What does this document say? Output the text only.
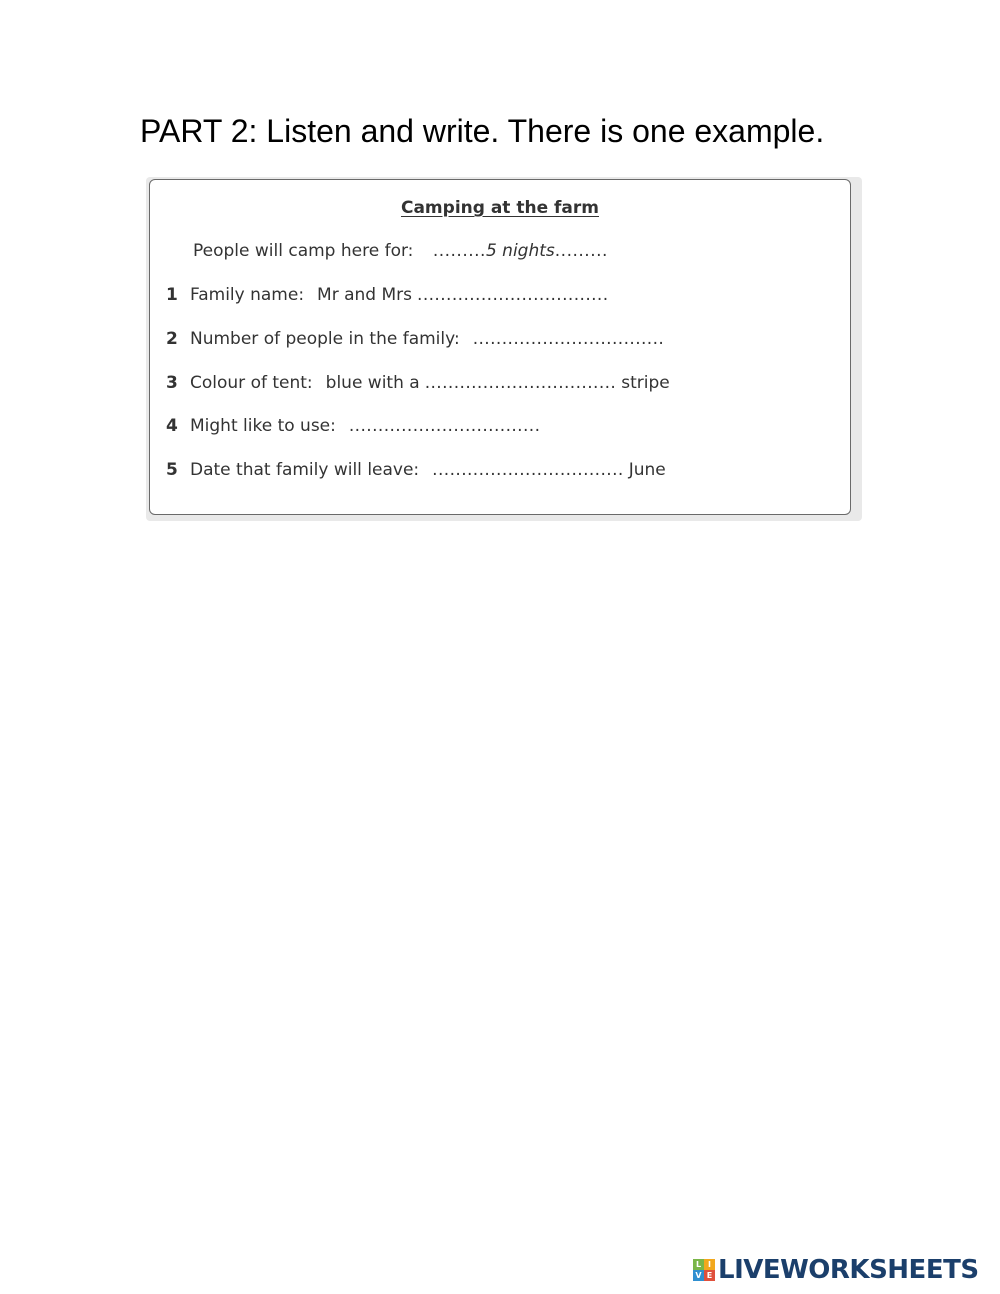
PART 2: Listen and write. There is one example.
Camping at the farm
People will camp here for: .........5 nights.........
1 Family name: Mr and Mrs .................................
2 Number of people in the family: .................................
3 Colour of tent: blue with a ................................. stripe
4 Might like to use: .................................
5 Date that family will leave: ................................. June
L I
V E LIVEWORKSHEETS
